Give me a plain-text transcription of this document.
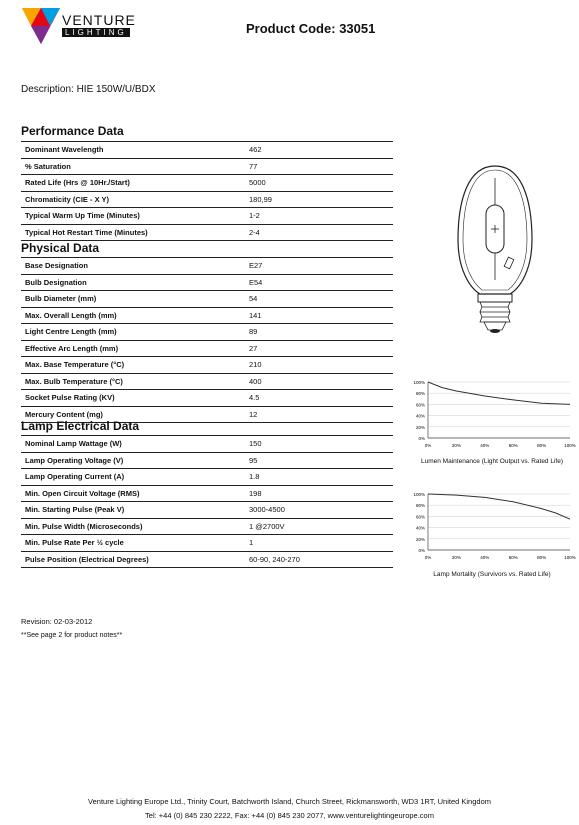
VENTURE
LIGHTING	Product Code: 33051
Description: HIE 150W/U/BDX
Performance Data
Dominant Wavelength	462
% Saturation	77
Rated Life (Hrs @ 10Hr./Start)	5000
Chromaticity (CIE - X Y)	180,99
Typical Warm Up Time (Minutes)	1-2
Typical Hot Restart Time (Minutes)	2-4
Physical Data
Base Designation	E27
Bulb Designation	E54
Bulb Diameter (mm)	54
Max. Overall Length (mm)	141
Light Centre Length (mm)	89
Effective Arc Length (mm)	27
Max. Base Temperature (°C)	210
Max. Bulb Temperature (°C)	400
Socket Pulse Rating (KV)	4.5
Mercury Content (mg)	12
Lamp Electrical Data
Nominal Lamp Wattage (W)	150
Lamp Operating Voltage (V)	95
Lamp Operating Current (A)	1.8
Min. Open Circuit Voltage (RMS)	198
Min. Starting Pulse (Peak V)	3000-4500
Min. Pulse Width (Microseconds)	1 @2700V
Min. Pulse Rate Per ½ cycle	1
Pulse Position (Electrical Degrees)	60-90, 240-270
0%
20%
40%
60%
80%
100%
0%	20%	40%	60%	80%	100%
Lumen Maintenance (Light Output vs. Rated Life)
0%
20%
40%
60%
80%
100%
0%	20%	40%	60%	80%	100%
Lamp Mortality (Survivors vs. Rated Life)
Revision: 02-03-2012
**See page 2 for product notes**
Venture Lighting Europe Ltd., Trinity Court, Batchworth Island, Church Street, Rickmansworth, WD3 1RT, United Kingdom
Tel: +44 (0) 845 230 2222, Fax: +44 (0) 845 230 2077, www.venturelightingeurope.com
